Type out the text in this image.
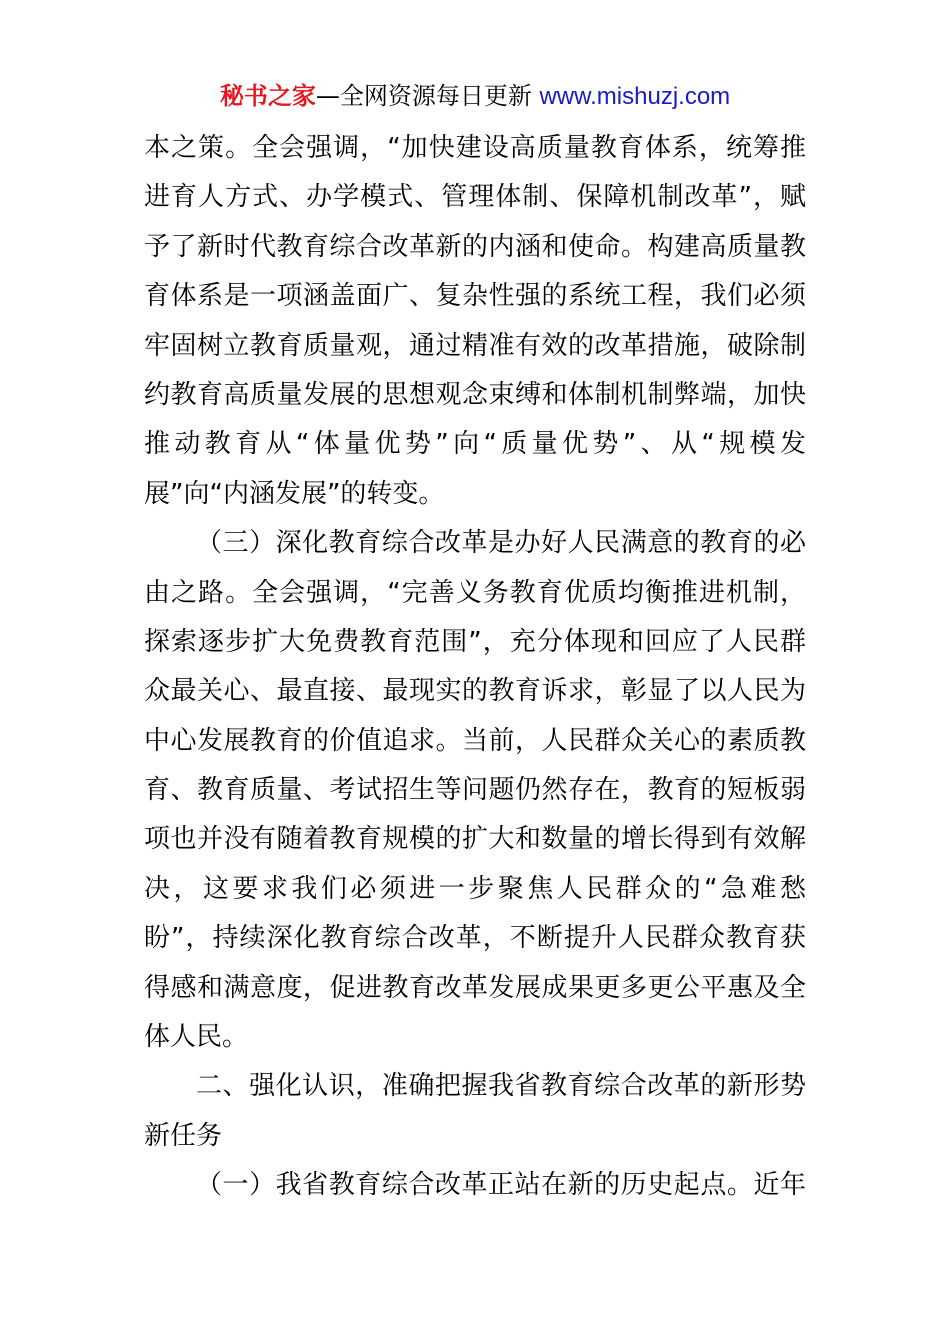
秘书之家—全网资源每日更新 www.mishuzj.com
本之策。全会强调，“加快建设高质量教育体系，统筹推
进育人方式、办学模式、管理体制、保障机制改革”，赋
予了新时代教育综合改革新的内涵和使命。构建高质量教
育体系是一项涵盖面广、复杂性强的系统工程，我们必须
牢固树立教育质量观，通过精准有效的改革措施，破除制
约教育高质量发展的思想观念束缚和体制机制弊端，加快
推动教育从“体量优势”向“质量优势”、从“规模发
展”向“内涵发展”的转变。
（三）深化教育综合改革是办好人民满意的教育的必
由之路。全会强调，“完善义务教育优质均衡推进机制，
探索逐步扩大免费教育范围”，充分体现和回应了人民群
众最关心、最直接、最现实的教育诉求，彰显了以人民为
中心发展教育的价值追求。当前，人民群众关心的素质教
育、教育质量、考试招生等问题仍然存在，教育的短板弱
项也并没有随着教育规模的扩大和数量的增长得到有效解
决，这要求我们必须进一步聚焦人民群众的“急难愁
盼”，持续深化教育综合改革，不断提升人民群众教育获
得感和满意度，促进教育改革发展成果更多更公平惠及全
体人民。
二、强化认识，准确把握我省教育综合改革的新形势
新任务
（一）我省教育综合改革正站在新的历史起点。近年
